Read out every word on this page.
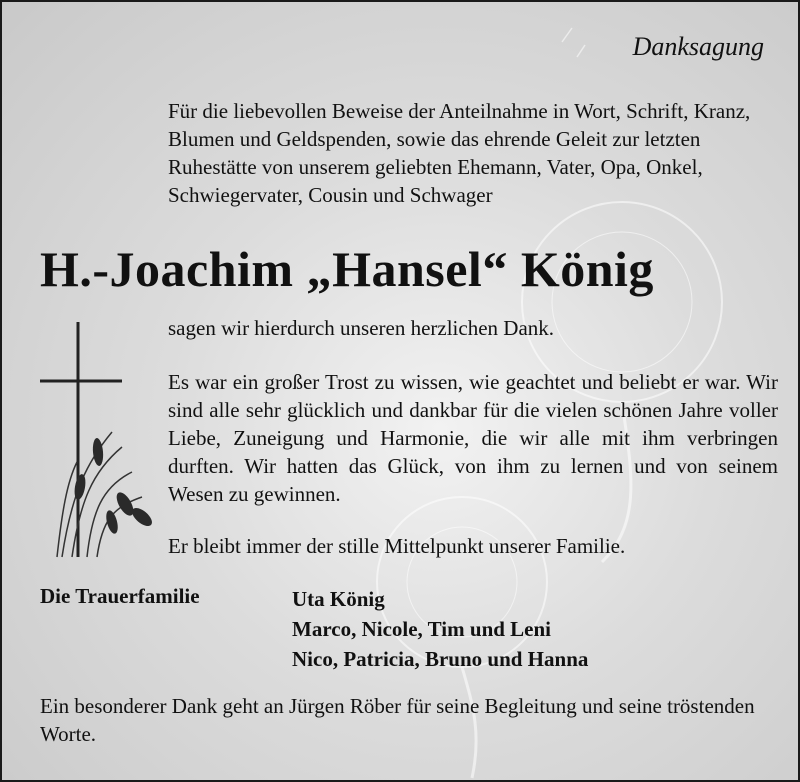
Danksagung

Für die liebevollen Beweise der Anteilnahme in Wort, Schrift, Kranz, Blumen und Geldspenden, sowie das ehrende Geleit zur letzten Ruhestätte von unserem geliebten Ehemann, Vater, Opa, Onkel, Schwiegervater, Cousin und Schwager

H.-Joachim „Hansel“ König

sagen wir hierdurch unseren herzlichen Dank.

Es war ein großer Trost zu wissen, wie geachtet und beliebt er war. Wir sind alle sehr glücklich und dankbar für die vielen schönen Jahre voller Liebe, Zuneigung und Harmonie, die wir alle mit ihm verbringen durften. Wir hatten das Glück, von ihm zu lernen und von seinem Wesen zu gewinnen.

Er bleibt immer der stille Mittelpunkt unserer Familie.

Die Trauerfamilie	Uta König
Marco, Nicole, Tim und Leni
Nico, Patricia, Bruno und Hanna

Ein besonderer Dank geht an Jürgen Röber für seine Begleitung und seine tröstenden Worte.
